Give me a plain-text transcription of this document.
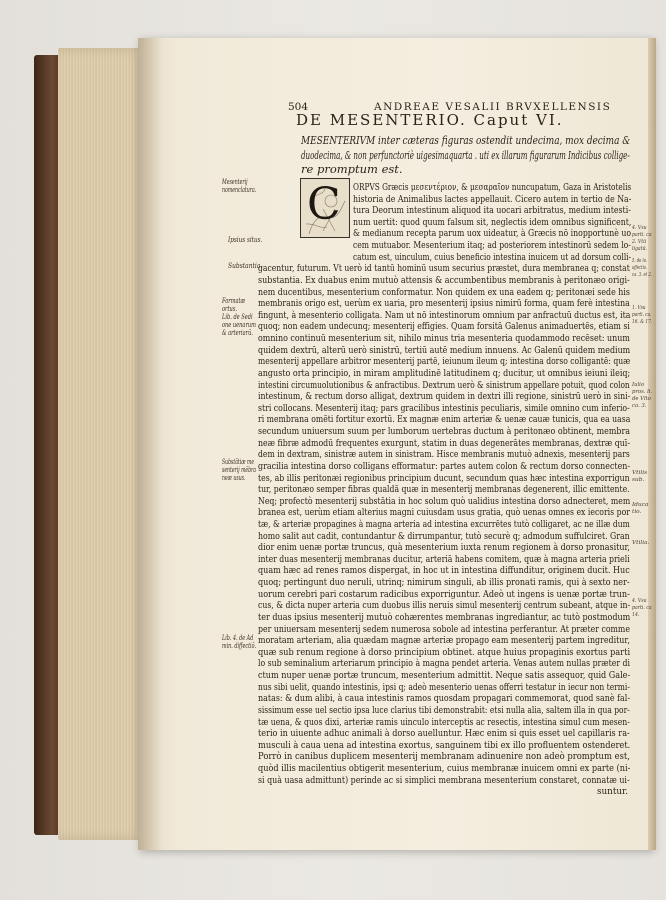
504	ANDREAE VESALII BRVXELLENSIS
DE MESENTERIO. Caput VI.
MESENTERIVM inter cæteras figuras ostendit undecima, mox decima &
duodecima, & non perfunctoriè uigesimaquarta . uti ex illarum figurarum Indicibus collige-
re promptum est.
C ORPVS Græcis μεσεντέριον, & μεσαραῖον nuncupatum, Gaza in Aristotelis
historia de Animalibus lactes appellauit. Cicero autem in tertio de Na-
tura Deorum intestinum aliquod ita uocari arbitratus, medium intesti-
num uertit: quod quum falsum sit, neglectis idem omnibus significent,
& medianum recepta parum uox uideatur, à Græcis nō inopportunè uo
cem mutuabor. Mesenterium itaq; ad posteriorem intestinorū sedem lo-
catum est, uinculum, cuius beneficio intestina inuicem ut ad dorsum colli-
gacentur, futurum. Vt uerò id tantū hominū usum securius præstet, dura membranea q; constat
substantia. Ex duabus enim mutuò attensis & accumbentibus membranis à peritonæo origi-
nem ducentibus, mesenterium conformatur. Non quidem ex una eadem q; peritonæi sede his
membranis origo est, uerùm ex uaria, pro mesenterij ipsius nimirū forma, quam ferè intestina
fingunt, à mesenterio colligata. Nam ut nō intestinorum omnium par anfractuū ductus est, ita
quoq; non eadem undecunq; mesenterij effigies. Quam forsitā Galenus animaduertēs, etiam si
omnino continuū mesenterium sit, nihilo minus tria mesenteria quodammodo recēset: unum
quidem dextrū, alterū uerò sinistrū, tertiū autē medium innuens. Ac Galenū quidem medium
mesenterij appellare arbitror mesenterij partē, ieiunum ileum q; intestina dorso colligantē: quæ
angusto orta principio, in miram amplitudinē latitudinem q; ducitur, ut omnibus ieiuni ileiq;
intestini circumuolutionibus & anfractibus. Dextrum uerò & sinistrum appellare potuit, quod colon
intestinum, & rectum dorso alligat, dextrum quidem in dextri illi regione, sinistrū uerò in sini-
stri collocans. Mesenterij itaq; pars gracilibus intestinis peculiaris, simile omnino cum inferio-
ri membrana omēti fortitur exortū. Ex magnæ enim arteriæ & uenæ cauæ tunicis, qua ea uasa
secundum uniuersum suum per lumborum uertebras ductum à peritonæo obtinent, membra
neæ fibræ admodū frequentes exurgunt, statim in duas degenerātes membranas, dextræ quī-
dem in dextram, sinistræ autem in sinistram. Hisce membranis mutuò adnexis, mesenterij pars
gracilia intestina dorso colligans efformatur: partes autem colon & rectum dorso connecten-
tes, ab illis peritonæi regionibus principium ducunt, secundum quas hæc intestina exporrigun
tur, peritonæo semper fibras qualdā quæ in mesenterij membranas degenerent, illic emittente.
Neq; profectò mesenterij substātia in hoc solum quò ualidius intestina dorso adnecteret, mem
branea est, uerùm etiam alterius magni cuiusdam usus gratia, quò uenas omnes ex iecoris por
tæ, & arteriæ propagines à magna arteria ad intestina excurrētes tutò colligaret, ac ne illæ dum
homo salit aut cadit, contundantur & dirrumpantur, tutò securè q; admodum suffulciret. Gran
dior enim uenæ portæ truncus, quà mesenterium iuxta renum regionem à dorso pronasitur,
inter duas mesenterij membranas ducitur, arteriā habens comitem, quæ à magna arteria prieli
quam hæc ad renes ramos dispergat, in hoc ut in intestina diffunditur, originem ducit. Huc
quoq; pertingunt duo neruli, utrinq; nimirum singuli, ab illis pronati ramis, qui à sexto ner-
uorum cerebri pari costarum radicibus exporriguntur. Adeò ut ingens is uenæ portæ trun-
cus, & dicta nuper arteria cum duobus illis neruis simul mesenterij centrum subeant, atque in-
ter duas ipsius mesenterij mutuò cohærentes membranas ingrediantur, ac tutò postmodum
per uniuersam mesenterij sedem numerosa sobole ad intestina perferantur. At præter comme
moratam arteriam, alia quædam magnæ arteriæ propago eam mesenterij partem ingreditur,
quæ sub renum regione à dorso principium obtinet. atque huius propaginis exortus parti
lo sub seminalium arteriarum principio à magna pendet arteria. Venas autem nullas præter di
ctum nuper uenæ portæ truncum, mesenterium admittit. Neque satis assequor, quid Gale-
nus sibi uelit, quando intestinis, ipsi q; adeò mesenterio uenas offerri testatur in iecur non termi-
natas: & dum alibi, à caua intestinis ramos quosdam propagari commemorat, quod sanè fal-
sissimum esse uel sectio ipsa luce clarius tibi demonstrabit: etsi nulla alia, saltem illa in qua por-
tæ uena, & quos dixi, arteriæ ramis uinculo interceptis ac resectis, intestina simul cum mesen-
terio in uiuente adhuc animali à dorso auelluntur. Hæc enim si quis esset uel capillaris ra-
musculi à caua uena ad intestina exortus, sanguinem tibi ex illo profluentem ostenderet.
Porrò in canibus duplicem mesenterij membranam adinuenire non adeò promptum est,
quòd illis macilentius obtigerit mesenterium, cuius membranæ inuicem omni ex parte (ni-
si quà uasa admittunt) perinde ac si simplici membrana mesenterium constaret, connatæ ui-
suntur.
Mesenterij
nomenclatura.
Ipsius situs.
Substantia.
Formatæ
ortus.
Lib. de Sedi
one uenarum
& arteriarū.
Substātiæ me
senterij mēbra
neæ usus.
Lib. 4. de Ad
min. diffectiō.
4. Vsu
parti. ca
2. Vtū
ligatū.
5. de lo.
affectis.
ca. 3. et 2.
1. Vsu
parti. ca.
16. & 17.
Iulio
pros. li.
de Vlto
ca. 3.
Vtilis
sub.
Iduca
tio.
Vtilia.
4. Vsu
parti. ca
14.
